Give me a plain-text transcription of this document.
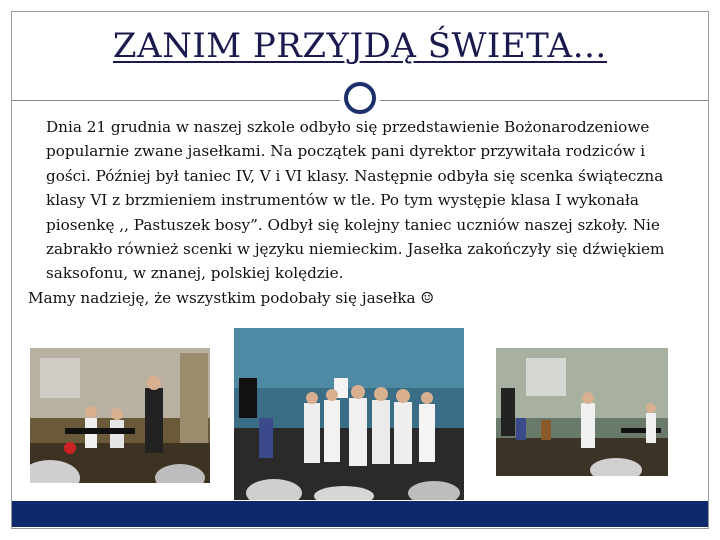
ZANIM PRZYJDĄ ŚWIETA…

Dnia 21 grudnia w naszej szkole odbyło się przedstawienie Bożonarodzeniowe popularnie zwane jasełkami. Na początek pani dyrektor przywitała rodziców i gości. Później był taniec IV, V i VI klasy. Następnie odbyła się scenka świąteczna klasy VI z brzmieniem instrumentów w tle. Po tym występie klasa I wykonała piosenkę ,, Pastuszek bosy”. Odbył się kolejny taniec uczniów naszej szkoły. Nie zabrakło również scenki w języku niemieckim. Jasełka zakończyły się dźwiękiem saksofonu, w znanej, polskiej kolędzie.

Mamy nadzieję, że wszystkim podobały się jasełka ☺
